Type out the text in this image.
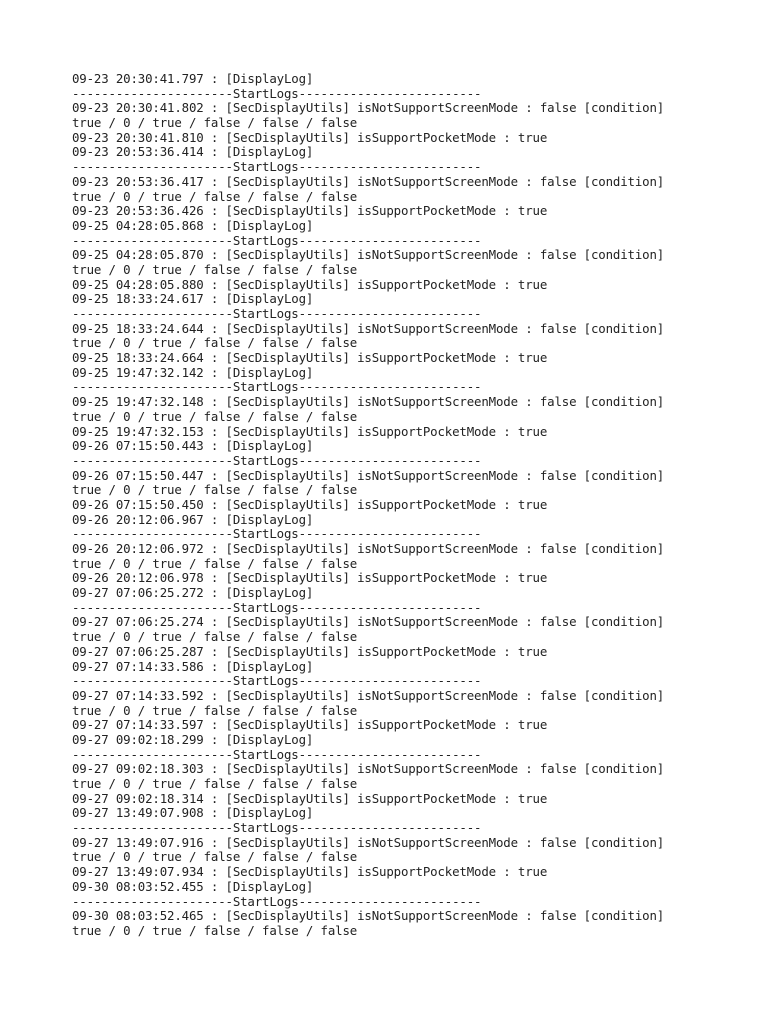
09-23 20:30:41.797 : [DisplayLog]
----------------------StartLogs-------------------------
09-23 20:30:41.802 : [SecDisplayUtils] isNotSupportScreenMode : false [condition]
true / 0 / true / false / false / false
09-23 20:30:41.810 : [SecDisplayUtils] isSupportPocketMode : true
09-23 20:53:36.414 : [DisplayLog]
----------------------StartLogs-------------------------
09-23 20:53:36.417 : [SecDisplayUtils] isNotSupportScreenMode : false [condition]
true / 0 / true / false / false / false
09-23 20:53:36.426 : [SecDisplayUtils] isSupportPocketMode : true
09-25 04:28:05.868 : [DisplayLog]
----------------------StartLogs-------------------------
09-25 04:28:05.870 : [SecDisplayUtils] isNotSupportScreenMode : false [condition]
true / 0 / true / false / false / false
09-25 04:28:05.880 : [SecDisplayUtils] isSupportPocketMode : true
09-25 18:33:24.617 : [DisplayLog]
----------------------StartLogs-------------------------
09-25 18:33:24.644 : [SecDisplayUtils] isNotSupportScreenMode : false [condition]
true / 0 / true / false / false / false
09-25 18:33:24.664 : [SecDisplayUtils] isSupportPocketMode : true
09-25 19:47:32.142 : [DisplayLog]
----------------------StartLogs-------------------------
09-25 19:47:32.148 : [SecDisplayUtils] isNotSupportScreenMode : false [condition]
true / 0 / true / false / false / false
09-25 19:47:32.153 : [SecDisplayUtils] isSupportPocketMode : true
09-26 07:15:50.443 : [DisplayLog]
----------------------StartLogs-------------------------
09-26 07:15:50.447 : [SecDisplayUtils] isNotSupportScreenMode : false [condition]
true / 0 / true / false / false / false
09-26 07:15:50.450 : [SecDisplayUtils] isSupportPocketMode : true
09-26 20:12:06.967 : [DisplayLog]
----------------------StartLogs-------------------------
09-26 20:12:06.972 : [SecDisplayUtils] isNotSupportScreenMode : false [condition]
true / 0 / true / false / false / false
09-26 20:12:06.978 : [SecDisplayUtils] isSupportPocketMode : true
09-27 07:06:25.272 : [DisplayLog]
----------------------StartLogs-------------------------
09-27 07:06:25.274 : [SecDisplayUtils] isNotSupportScreenMode : false [condition]
true / 0 / true / false / false / false
09-27 07:06:25.287 : [SecDisplayUtils] isSupportPocketMode : true
09-27 07:14:33.586 : [DisplayLog]
----------------------StartLogs-------------------------
09-27 07:14:33.592 : [SecDisplayUtils] isNotSupportScreenMode : false [condition]
true / 0 / true / false / false / false
09-27 07:14:33.597 : [SecDisplayUtils] isSupportPocketMode : true
09-27 09:02:18.299 : [DisplayLog]
----------------------StartLogs-------------------------
09-27 09:02:18.303 : [SecDisplayUtils] isNotSupportScreenMode : false [condition]
true / 0 / true / false / false / false
09-27 09:02:18.314 : [SecDisplayUtils] isSupportPocketMode : true
09-27 13:49:07.908 : [DisplayLog]
----------------------StartLogs-------------------------
09-27 13:49:07.916 : [SecDisplayUtils] isNotSupportScreenMode : false [condition]
true / 0 / true / false / false / false
09-27 13:49:07.934 : [SecDisplayUtils] isSupportPocketMode : true
09-30 08:03:52.455 : [DisplayLog]
----------------------StartLogs-------------------------
09-30 08:03:52.465 : [SecDisplayUtils] isNotSupportScreenMode : false [condition]
true / 0 / true / false / false / false
